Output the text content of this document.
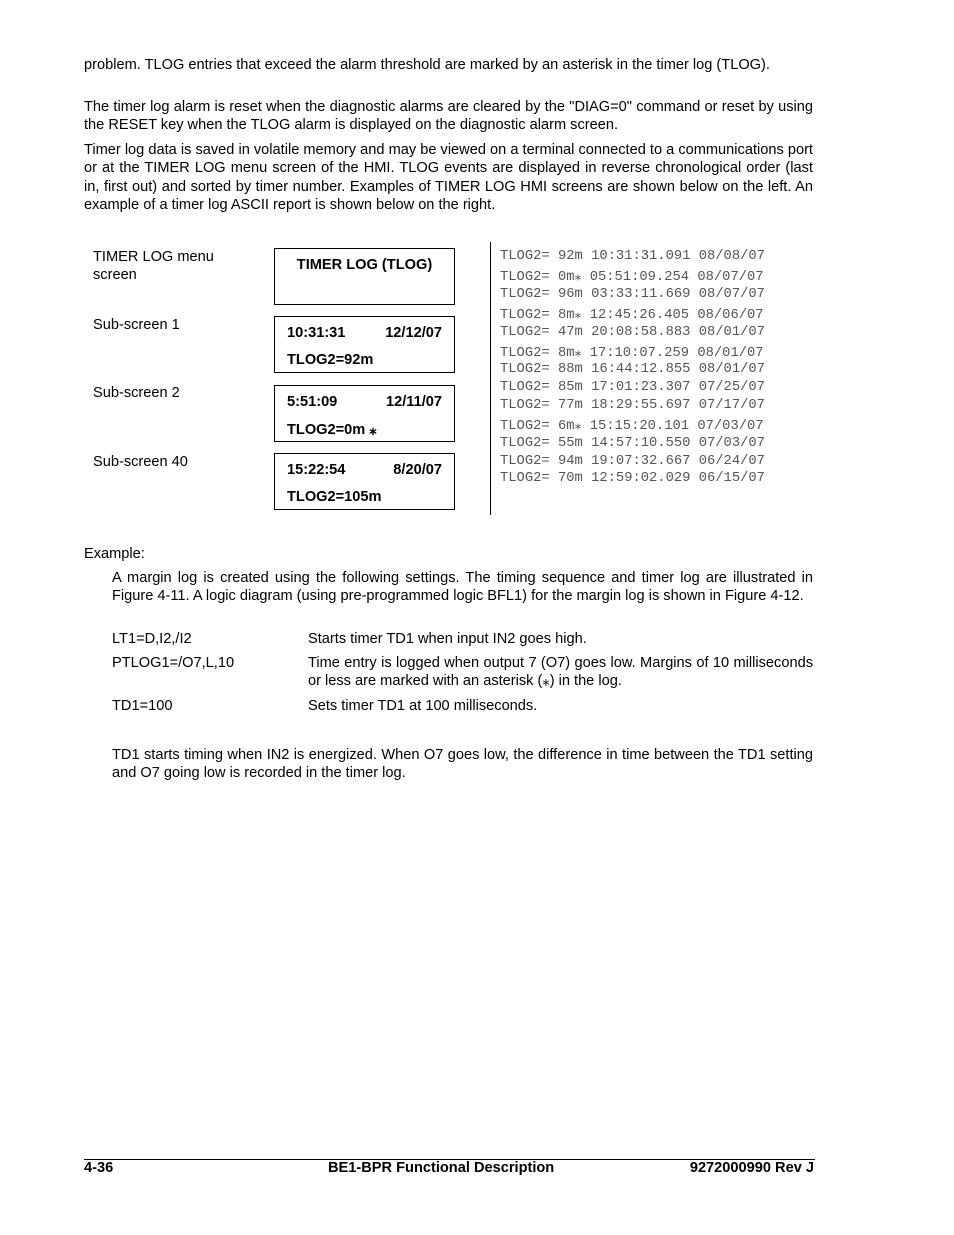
problem. TLOG entries that exceed the alarm threshold are marked by an asterisk in the timer log (TLOG).

The timer log alarm is reset when the diagnostic alarms are cleared by the "DIAG=0" command or reset by using the RESET key when the TLOG alarm is displayed on the diagnostic alarm screen.

Timer log data is saved in volatile memory and may be viewed on a terminal connected to a communications port or at the TIMER LOG menu screen of the HMI. TLOG events are displayed in reverse chronological order (last in, first out) and sorted by timer number. Examples of TIMER LOG HMI screens are shown below on the left. An example of a timer log ASCII report is shown below on the right.

TIMER LOG menu screen

Sub-screen 1

Sub-screen 2

Sub-screen 40

TIMER LOG (TLOG)
10:31:31	12/12/07
TLOG2=92m
5:51:09	12/11/07
TLOG2=0m ⁎
15:22:54	8/20/07
TLOG2=105m

TLOG2= 92m 10:31:31.091 08/08/07

TLOG2= 0m⁎ 05:51:09.254 08/07/07

TLOG2= 96m 03:33:11.669 08/07/07

TLOG2= 8m⁎ 12:45:26.405 08/06/07

TLOG2= 47m 20:08:58.883 08/01/07

TLOG2= 8m⁎ 17:10:07.259 08/01/07

TLOG2= 88m 16:44:12.855 08/01/07

TLOG2= 85m 17:01:23.307 07/25/07

TLOG2= 77m 18:29:55.697 07/17/07

TLOG2= 6m⁎ 15:15:20.101 07/03/07

TLOG2= 55m 14:57:10.550 07/03/07

TLOG2= 94m 19:07:32.667 06/24/07

TLOG2= 70m 12:59:02.029 06/15/07

Example:

A margin log is created using the following settings. The timing sequence and timer log are illustrated in Figure 4-11. A logic diagram (using pre-programmed logic BFL1) for the margin log is shown in Figure 4-12.

LT1=D,I2,/I2	Starts timer TD1 when input IN2 goes high.
PTLOG1=/O7,L,10	Time entry is logged when output 7 (O7) goes low. Margins of 10 milliseconds or less are marked with an asterisk (⁎) in the log.
TD1=100	Sets timer TD1 at 100 milliseconds.

TD1 starts timing when IN2 is energized. When O7 goes low, the difference in time between the TD1 setting and O7 going low is recorded in the timer log.

4-36	BE1-BPR Functional Description	9272000990 Rev J
